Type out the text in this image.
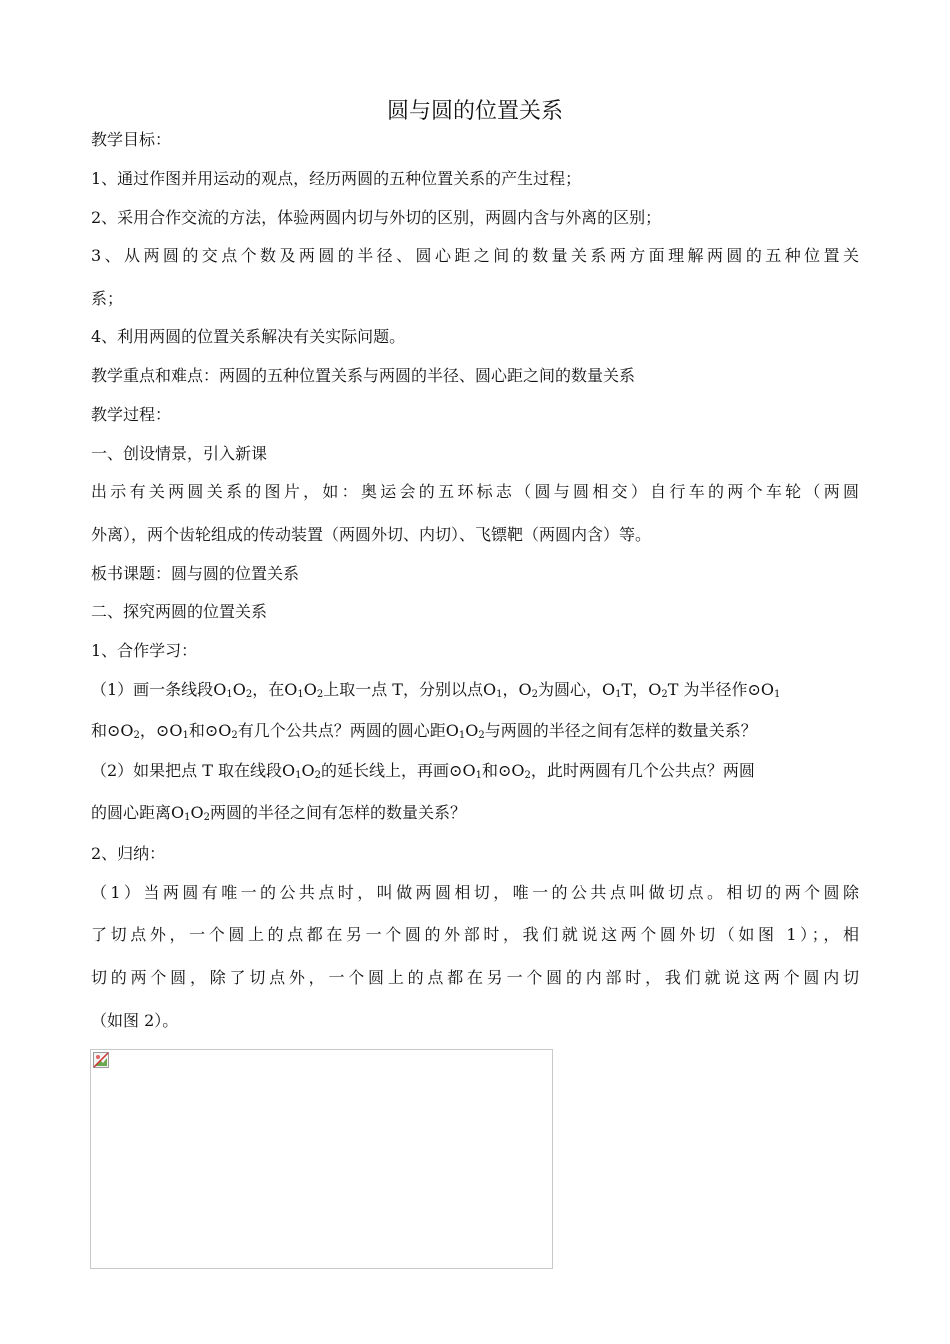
圆与圆的位置关系
教学目标：
1、通过作图并用运动的观点，经历两圆的五种位置关系的产生过程；
2、采用合作交流的方法，体验两圆内切与外切的区别，两圆内含与外离的区别；
3、从两圆的交点个数及两圆的半径、圆心距之间的数量关系两方面理解两圆的五种位置关
系；
4、利用两圆的位置关系解决有关实际问题。
教学重点和难点：两圆的五种位置关系与两圆的半径、圆心距之间的数量关系
教学过程：
一、创设情景，引入新课
出示有关两圆关系的图片，如：奥运会的五环标志（圆与圆相交）自行车的两个车轮（两圆
外离），两个齿轮组成的传动装置（两圆外切、内切）、飞镖靶（两圆内含）等。
板书课题：圆与圆的位置关系
二、探究两圆的位置关系
1、合作学习：
（1）画一条线段$O_1O_2$，在$O_1O_2$上取一点 T，分别以点$O_1$，$O_2$为圆心，$O_1T$，$O_2T$ 为半径作$⊙O_1$
和$⊙O_2$，$⊙O_1$和$⊙O_2$有几个公共点？两圆的圆心距$O_1O_2$与两圆的半径之间有怎样的数量关系？
（2）如果把点 T 取在线段$O_1O_2$的延长线上，再画$⊙O_1$和$⊙O_2$，此时两圆有几个公共点？两圆
的圆心距离$O_1O_2$两圆的半径之间有怎样的数量关系？
2、归纳：
（1）当两圆有唯一的公共点时，叫做两圆相切，唯一的公共点叫做切点。相切的两个圆除
了切点外，一个圆上的点都在另一个圆的外部时，我们就说这两个圆外切（如图 1）；，相
切的两个圆，除了切点外，一个圆上的点都在另一个圆的内部时，我们就说这两个圆内切
（如图 2）。
